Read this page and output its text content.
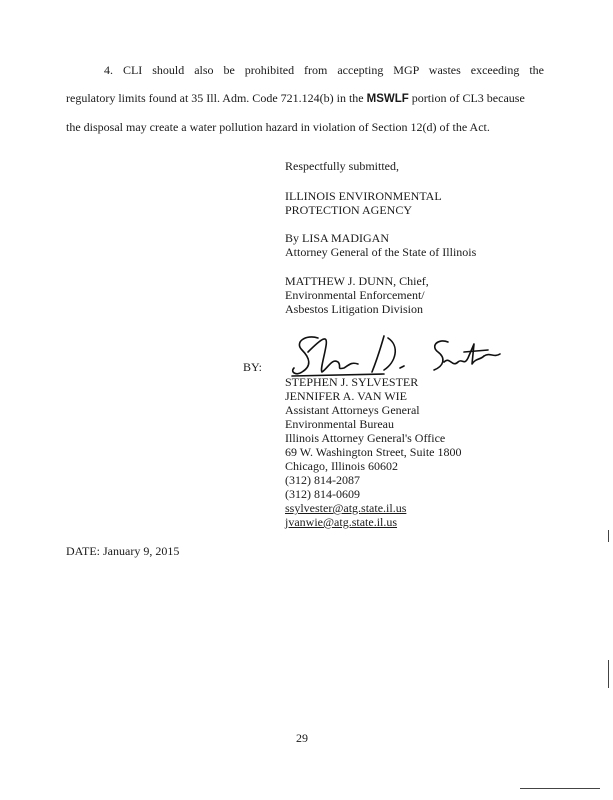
4. CLI should also be prohibited from accepting MGP wastes exceeding the
regulatory limits found at 35 Ill. Adm. Code 721.124(b) in the MSWLF portion of CL3 because
the disposal may create a water pollution hazard in violation of Section 12(d) of the Act.
Respectfully submitted,
ILLINOIS ENVIRONMENTAL
PROTECTION AGENCY
By LISA MADIGAN
Attorney General of the State of Illinois
MATTHEW J. DUNN, Chief,
Environmental Enforcement/
Asbestos Litigation Division
BY:
STEPHEN J. SYLVESTER
JENNIFER A. VAN WIE
Assistant Attorneys General
Environmental Bureau
Illinois Attorney General's Office
69 W. Washington Street, Suite 1800
Chicago, Illinois 60602
(312) 814-2087
(312) 814-0609
ssylvester@atg.state.il.us
jvanwie@atg.state.il.us
DATE: January 9, 2015
29
